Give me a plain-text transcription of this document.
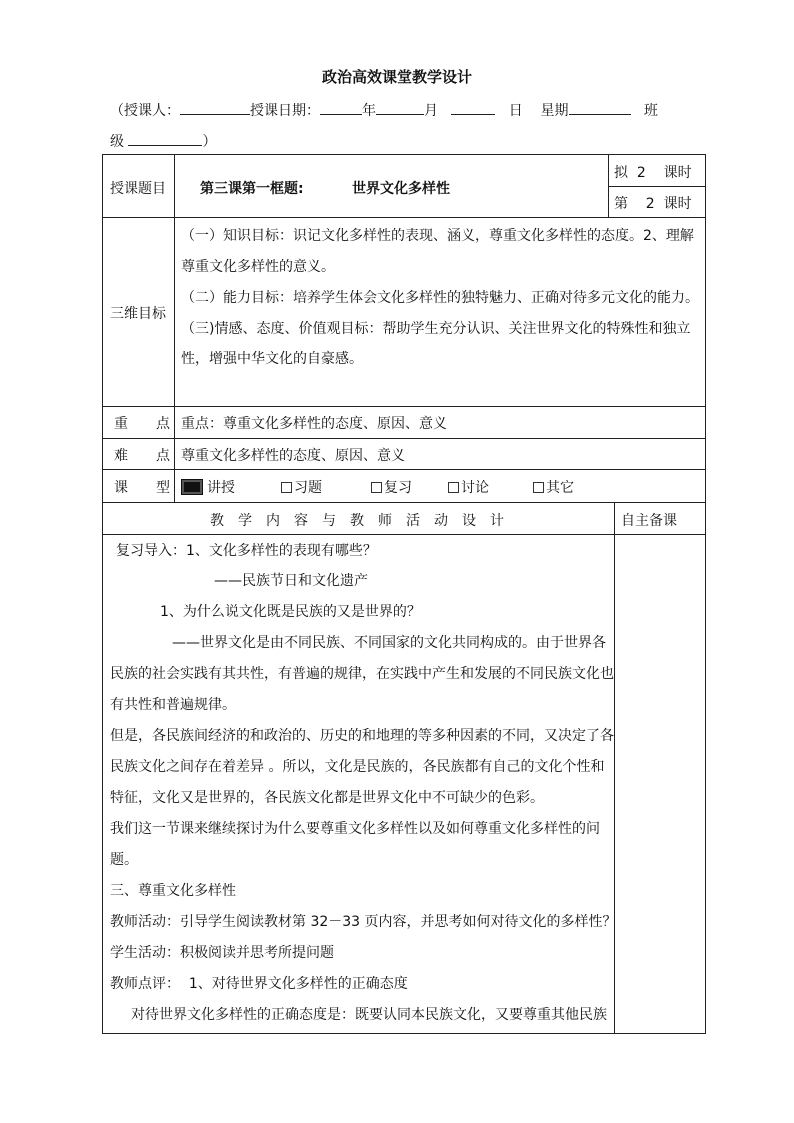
政治高效课堂教学设计
（授课人：	授课日期：	年	月	日 星期	班
级	）
授课题目 第三课第一框题:	世界文化多样性
拟  2    课时
第    2  课时
三维目标
（一）知识目标：识记文化多样性的表现、涵义，尊重文化多样性的态度。2、理解
尊重文化多样性的意义。
（二）能力目标：培养学生体会文化多样性的独特魅力、正确对待多元文化的能力。
（三)情感、态度、价值观目标：帮助学生充分认识、关注世界文化的特殊性和独立
性，增强中华文化的自豪感。
重　　点 重点：尊重文化多样性的态度、原因、意义
难　　点 尊重文化多样性的态度、原因、意义
课　　型	讲授	习题	复习	讨论	其它
教　学　内　容　与　教　师　活　动　设　计	自主备课
复习导入：1、文化多样性的表现有哪些？
——民族节日和文化遗产
1、为什么说文化既是民族的又是世界的？
——世界文化是由不同民族、不同国家的文化共同构成的。由于世界各
民族的社会实践有其共性，有普遍的规律，在实践中产生和发展的不同民族文化也
有共性和普遍规律。
但是，各民族间经济的和政治的、历史的和地理的等多种因素的不同，又决定了各
民族文化之间存在着差异 。所以，文化是民族的，各民族都有自己的文化个性和
特征，文化又是世界的，各民族文化都是世界文化中不可缺少的色彩。
我们这一节课来继续探讨为什么要尊重文化多样性以及如何尊重文化多样性的问
题。
三、尊重文化多样性
教师活动：引导学生阅读教材第 32－33 页内容，并思考如何对待文化的多样性？
学生活动：积极阅读并思考所提问题
教师点评：  1、对待世界文化多样性的正确态度
对待世界文化多样性的正确态度是：既要认同本民族文化，又要尊重其他民族
